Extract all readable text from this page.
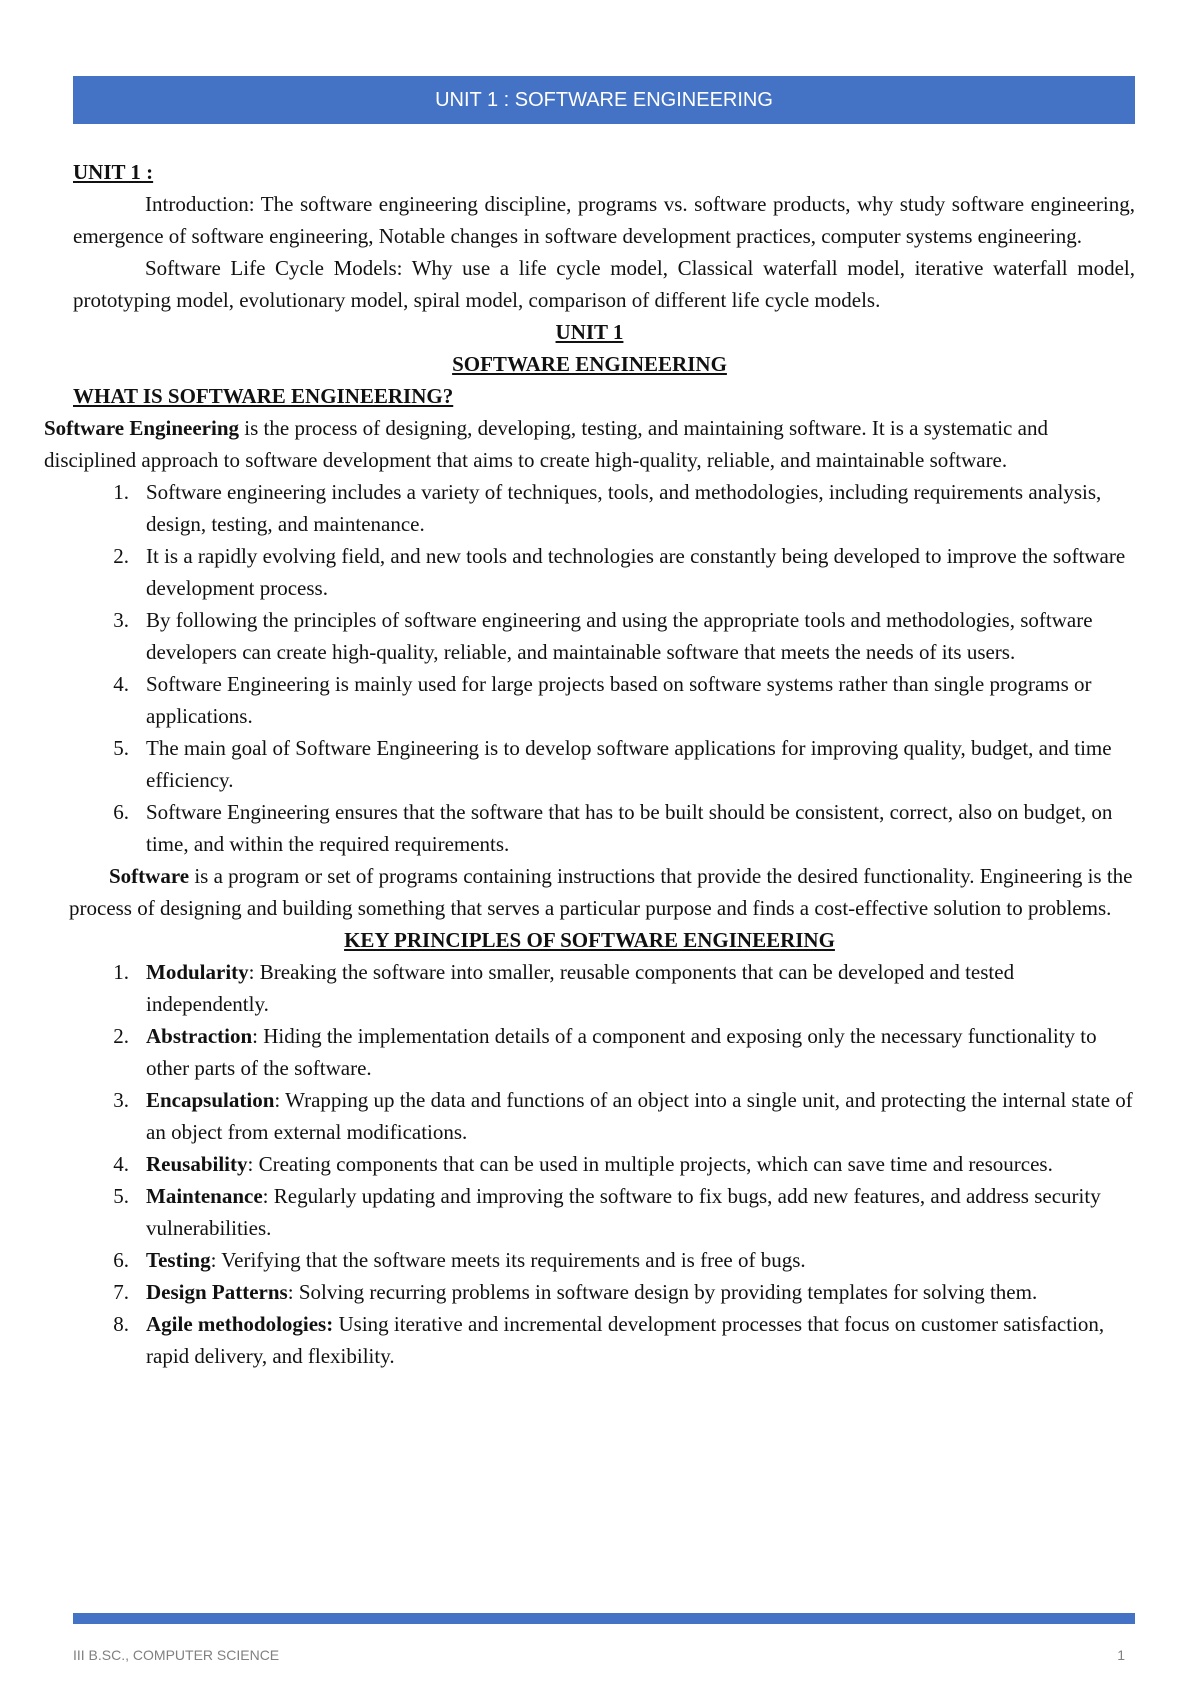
UNIT 1 : SOFTWARE ENGINEERING
UNIT 1 :
Introduction: The software engineering discipline, programs vs. software products, why study software engineering, emergence of software engineering, Notable changes in software development practices, computer systems engineering.
Software Life Cycle Models: Why use a life cycle model, Classical waterfall model, iterative waterfall model, prototyping model, evolutionary model, spiral model, comparison of different life cycle models.
UNIT 1
SOFTWARE ENGINEERING
WHAT IS SOFTWARE ENGINEERING?

Software Engineering is the process of designing, developing, testing, and maintaining software. It is a systematic and disciplined approach to software development that aims to create high-quality, reliable, and maintainable software.

1. Software engineering includes a variety of techniques, tools, and methodologies, including requirements analysis, design, testing, and maintenance.
2. It is a rapidly evolving field, and new tools and technologies are constantly being developed to improve the software development process.
3. By following the principles of software engineering and using the appropriate tools and methodologies, software developers can create high-quality, reliable, and maintainable software that meets the needs of its users.
4. Software Engineering is mainly used for large projects based on software systems rather than single programs or applications.
5. The main goal of Software Engineering is to develop software applications for improving quality, budget, and time efficiency.
6. Software Engineering ensures that the software that has to be built should be consistent, correct, also on budget, on time, and within the required requirements.

Software is a program or set of programs containing instructions that provide the desired functionality. Engineering is the process of designing and building something that serves a particular purpose and finds a cost-effective solution to problems.

KEY PRINCIPLES OF SOFTWARE ENGINEERING
1. Modularity: Breaking the software into smaller, reusable components that can be developed and tested independently.
2. Abstraction: Hiding the implementation details of a component and exposing only the necessary functionality to other parts of the software.
3. Encapsulation: Wrapping up the data and functions of an object into a single unit, and protecting the internal state of an object from external modifications.
4. Reusability: Creating components that can be used in multiple projects, which can save time and resources.
5. Maintenance: Regularly updating and improving the software to fix bugs, add new features, and address security vulnerabilities.
6. Testing: Verifying that the software meets its requirements and is free of bugs.
7. Design Patterns: Solving recurring problems in software design by providing templates for solving them.
8. Agile methodologies: Using iterative and incremental development processes that focus on customer satisfaction, rapid delivery, and flexibility.
III B.SC., COMPUTER SCIENCE	1
